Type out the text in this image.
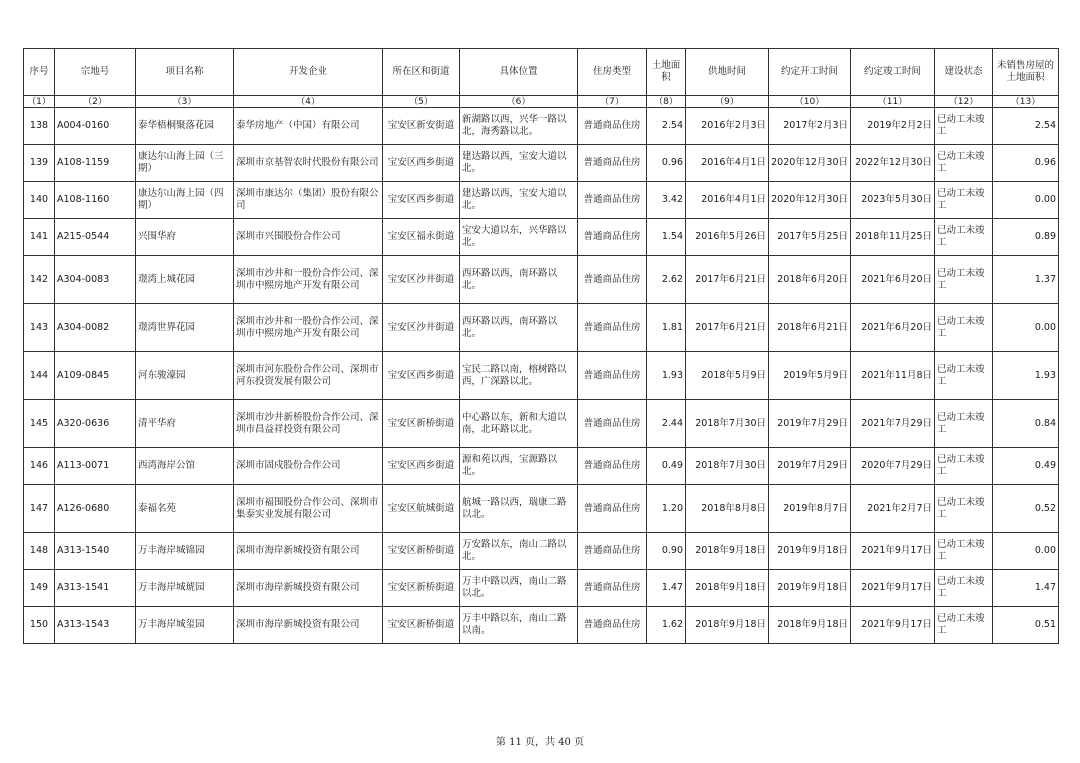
序号	宗地号	项目名称	开发企业	所在区和街道	具体位置	住房类型	土地面积	供地时间	约定开工时间	约定竣工时间	建设状态	未销售房屋的土地面积
（1）	（2）	（3）	（4）	（5）	（6）	（7）	（8）	（9）	（10）	（11）	（12）	（13）
138	A004-0160	泰华梧桐聚落花园	泰华房地产（中国）有限公司	宝安区新安街道	新湖路以西，兴华一路以北，海秀路以北。	普通商品住房	2.54	2016年2月3日	2017年2月3日	2019年2月2日	已动工未竣工	2.54
139	A108-1159	康达尔山海上园（三期）	深圳市京基智农时代股份有限公司	宝安区西乡街道	建达路以西，宝安大道以北。	普通商品住房	0.96	2016年4月1日	2020年12月30日	2022年12月30日	已动工未竣工	0.96
140	A108-1160	康达尔山海上园（四期）	深圳市康达尔（集团）股份有限公司	宝安区西乡街道	建达路以西，宝安大道以北。	普通商品住房	3.42	2016年4月1日	2020年12月30日	2023年5月30日	已动工未竣工	0.00
141	A215-0544	兴围华府	深圳市兴围股份合作公司	宝安区福永街道	宝安大道以东，兴华路以北。	普通商品住房	1.54	2016年5月26日	2017年5月25日	2018年11月25日	已动工未竣工	0.89
142	A304-0083	璟湾上城花园	深圳市沙井和一股份合作公司、深圳市中熙房地产开发有限公司	宝安区沙井街道	西环路以西，南环路以北。	普通商品住房	2.62	2017年6月21日	2018年6月20日	2021年6月20日	已动工未竣工	1.37
143	A304-0082	璟湾世界花园	深圳市沙井和一股份合作公司、深圳市中熙房地产开发有限公司	宝安区沙井街道	西环路以西，南环路以北。	普通商品住房	1.81	2017年6月21日	2018年6月21日	2021年6月20日	已动工未竣工	0.00
144	A109-0845	河东骏濠园	深圳市河东股份合作公司、深圳市河东投资发展有限公司	宝安区西乡街道	宝民二路以南，榕树路以西，广深路以北。	普通商品住房	1.93	2018年5月9日	2019年5月9日	2021年11月8日	已动工未竣工	1.93
145	A320-0636	清平华府	深圳市沙井新桥股份合作公司、深圳市昌益祥投资有限公司	宝安区新桥街道	中心路以东，新和大道以南，北环路以北。	普通商品住房	2.44	2018年7月30日	2019年7月29日	2021年7月29日	已动工未竣工	0.84
146	A113-0071	西湾海岸公馆	深圳市固戍股份合作公司	宝安区西乡街道	源和苑以西，宝源路以北。	普通商品住房	0.49	2018年7月30日	2019年7月29日	2020年7月29日	已动工未竣工	0.49
147	A126-0680	泰福名苑	深圳市福围股份合作公司、深圳市集泰实业发展有限公司	宝安区航城街道	航城一路以西，瑞康二路以北。	普通商品住房	1.20	2018年8月8日	2019年8月7日	2021年2月7日	已动工未竣工	0.52
148	A313-1540	万丰海岸城锦园	深圳市海岸新城投资有限公司	宝安区新桥街道	万安路以东，南山二路以北。	普通商品住房	0.90	2018年9月18日	2019年9月18日	2021年9月17日	已动工未竣工	0.00
149	A313-1541	万丰海岸城琥园	深圳市海岸新城投资有限公司	宝安区新桥街道	万丰中路以西，南山二路以北。	普通商品住房	1.47	2018年9月18日	2019年9月18日	2021年9月17日	已动工未竣工	1.47
150	A313-1543	万丰海岸城玺园	深圳市海岸新城投资有限公司	宝安区新桥街道	万丰中路以东，南山二路以南。	普通商品住房	1.62	2018年9月18日	2018年9月18日	2021年9月17日	已动工未竣工	0.51
第 11 页，共 40 页
